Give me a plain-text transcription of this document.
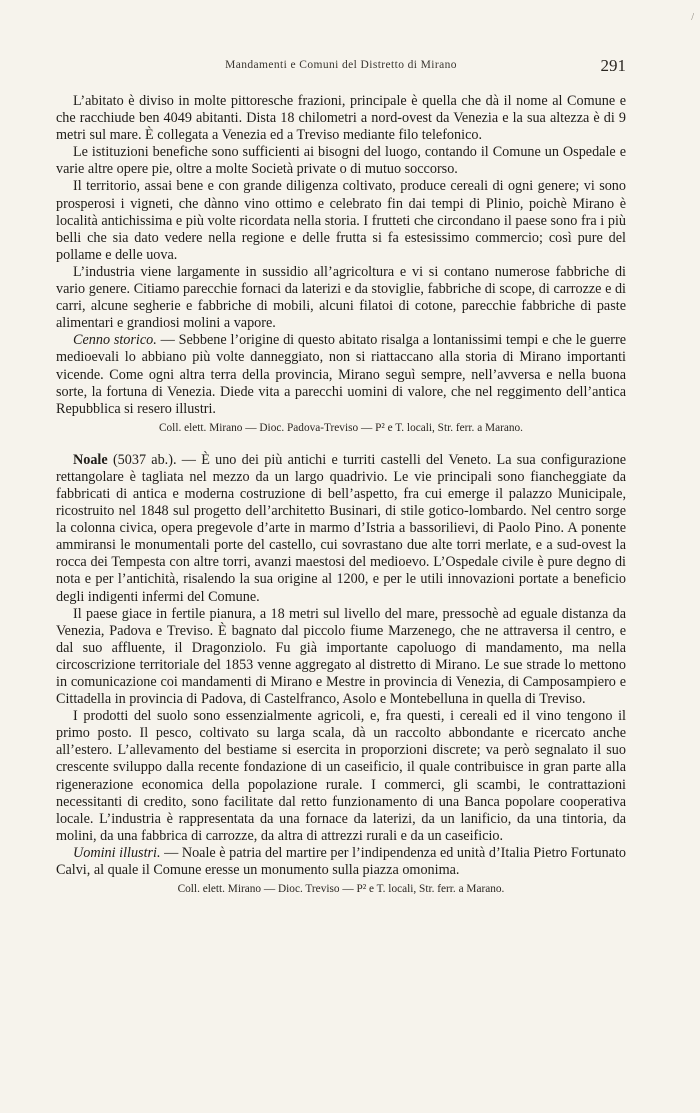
/
Mandamenti e Comuni del Distretto di Mirano	291

L’abitato è diviso in molte pittoresche frazioni, principale è quella che dà il nome al Comune e che racchiude ben 4049 abitanti. Dista 18 chilometri a nord-ovest da Venezia e la sua altezza è di 9 metri sul mare. È collegata a Venezia ed a Treviso mediante filo telefonico.

Le istituzioni benefiche sono sufficienti ai bisogni del luogo, contando il Comune un Ospedale e varie altre opere pie, oltre a molte Società private o di mutuo soccorso.

Il territorio, assai bene e con grande diligenza coltivato, produce cereali di ogni genere; vi sono prosperosi i vigneti, che dànno vino ottimo e celebrato fin dai tempi di Plinio, poichè Mirano è località antichissima e più volte ricordata nella storia. I frutteti che circondano il paese sono fra i più belli che sia dato vedere nella regione e delle frutta si fa estesissimo commercio; così pure del pollame e delle uova.

L’industria viene largamente in sussidio all’agricoltura e vi si contano numerose fabbriche di vario genere. Citiamo parecchie fornaci da laterizi e da stoviglie, fabbriche di scope, di carrozze e di carri, alcune segherie e fabbriche di mobili, alcuni filatoi di cotone, parecchie fabbriche di paste alimentari e grandiosi molini a vapore.

Cenno storico. — Sebbene l’origine di questo abitato risalga a lontanissimi tempi e che le guerre medioevali lo abbiano più volte danneggiato, non si riattaccano alla storia di Mirano importanti vicende. Come ogni altra terra della provincia, Mirano seguì sempre, nell’avversa e nella buona sorte, la fortuna di Venezia. Diede vita a parecchi uomini di valore, che nel reggimento dell’antica Repubblica si resero illustri.

Coll. elett. Mirano — Dioc. Padova-Treviso — P² e T. locali, Str. ferr. a Marano.

Noale (5037 ab.). — È uno dei più antichi e turriti castelli del Veneto. La sua configurazione rettangolare è tagliata nel mezzo da un largo quadrivio. Le vie principali sono fiancheggiate da fabbricati di antica e moderna costruzione di bell’aspetto, fra cui emerge il palazzo Municipale, ricostruito nel 1848 sul progetto dell’architetto Businari, di stile gotico-lombardo. Nel centro sorge la colonna civica, opera pregevole d’arte in marmo d’Istria a bassorilievi, di Paolo Pino. A ponente ammiransi le monumentali porte del castello, cui sovrastano due alte torri merlate, e a sud-ovest la rocca dei Tempesta con altre torri, avanzi maestosi del medioevo. L’Ospedale civile è pure degno di nota e per l’antichità, risalendo la sua origine al 1200, e per le utili innovazioni portate a beneficio degli indigenti infermi del Comune.

Il paese giace in fertile pianura, a 18 metri sul livello del mare, pressochè ad eguale distanza da Venezia, Padova e Treviso. È bagnato dal piccolo fiume Marzenego, che ne attraversa il centro, e dal suo affluente, il Dragonziolo. Fu già importante capoluogo di mandamento, ma nella circoscrizione territoriale del 1853 venne aggregato al distretto di Mirano. Le sue strade lo mettono in comunicazione coi mandamenti di Mirano e Mestre in provincia di Venezia, di Camposampiero e Cittadella in provincia di Padova, di Castelfranco, Asolo e Montebelluna in quella di Treviso.

I prodotti del suolo sono essenzialmente agricoli, e, fra questi, i cereali ed il vino tengono il primo posto. Il pesco, coltivato su larga scala, dà un raccolto abbondante e ricercato anche all’estero. L’allevamento del bestiame si esercita in proporzioni discrete; va però segnalato il suo crescente sviluppo dalla recente fondazione di un caseificio, il quale contribuisce in gran parte alla rigenerazione economica della popolazione rurale. I commerci, gli scambi, le contrattazioni necessitanti di credito, sono facilitate dal retto funzionamento di una Banca popolare cooperativa locale. L’industria è rappresentata da una fornace da laterizi, da un lanificio, da una tintoria, da molini, da una fabbrica di carrozze, da altra di attrezzi rurali e da un caseificio.

Uomini illustri. — Noale è patria del martire per l’indipendenza ed unità d’Italia Pietro Fortunato Calvi, al quale il Comune eresse un monumento sulla piazza omonima.

Coll. elett. Mirano — Dioc. Treviso — P² e T. locali, Str. ferr. a Marano.
